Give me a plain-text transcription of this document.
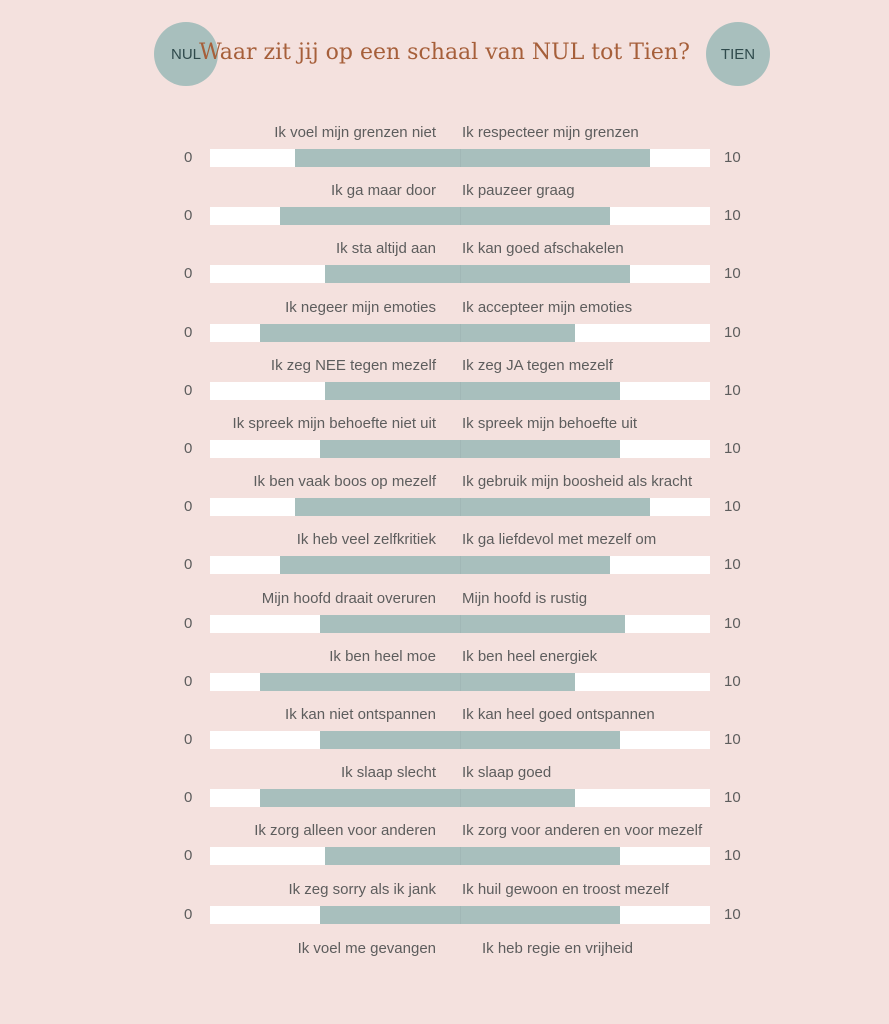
NUL
Waar zit jij op een schaal van NUL tot Tien?	TIEN
Ik voel mijn grenzen niet Ik respecteer mijn grenzen
0	10
Ik ga maar door Ik pauzeer graag
0	10
Ik sta altijd aan Ik kan goed afschakelen
0	10
Ik negeer mijn emoties Ik accepteer mijn emoties
0	10
Ik zeg NEE tegen mezelf Ik zeg JA tegen mezelf
0	10
Ik spreek mijn behoefte niet uit Ik spreek mijn behoefte uit
0	10
Ik ben vaak boos op mezelf Ik gebruik mijn boosheid als kracht
0	10
Ik heb veel zelfkritiek Ik ga liefdevol met mezelf om
0	10
Mijn hoofd draait overuren Mijn hoofd is rustig
0	10
Ik ben heel moe Ik ben heel energiek
0	10
Ik kan niet ontspannen Ik kan heel goed ontspannen
0	10
Ik slaap slecht Ik slaap goed
0	10
Ik zorg alleen voor anderen Ik zorg voor anderen en voor mezelf
0	10
Ik zeg sorry als ik jank Ik huil gewoon en troost mezelf
0	10
Ik voel me gevangen	Ik heb regie en vrijheid
